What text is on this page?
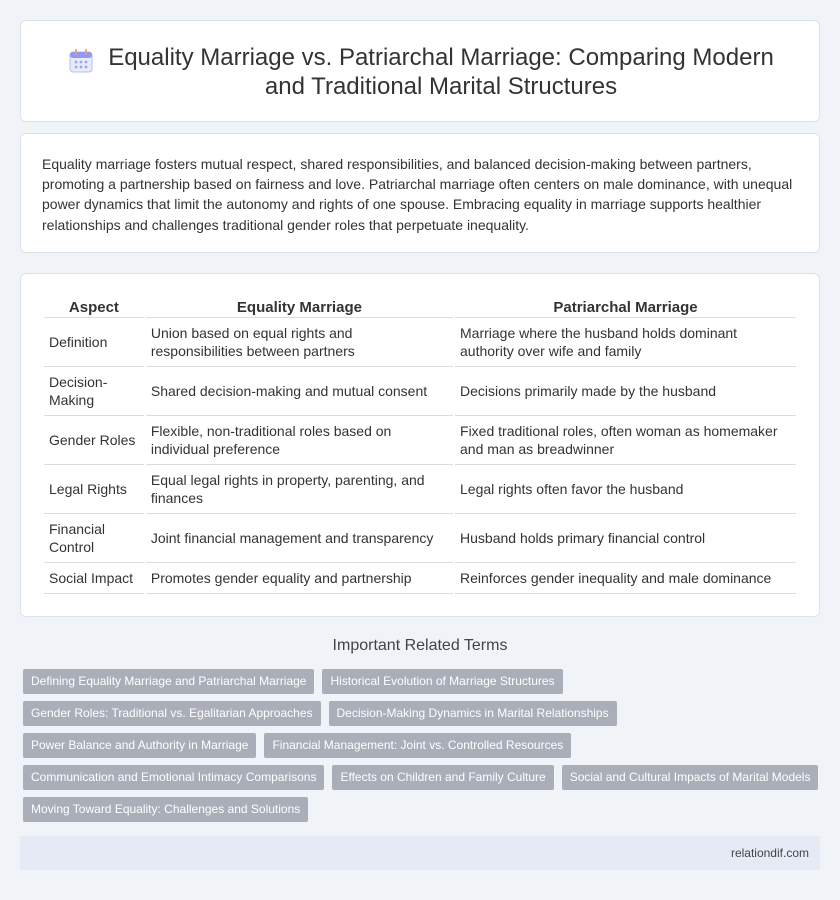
Equality Marriage vs. Patriarchal Marriage: Comparing Modern and Traditional Marital Structures

Equality marriage fosters mutual respect, shared responsibilities, and balanced decision-making between partners, promoting a partnership based on fairness and love. Patriarchal marriage often centers on male dominance, with unequal power dynamics that limit the autonomy and rights of one spouse. Embracing equality in marriage supports healthier relationships and challenges traditional gender roles that perpetuate inequality.

Aspect	Equality Marriage	Patriarchal Marriage
Definition	Union based on equal rights and responsibilities between partners	Marriage where the husband holds dominant authority over wife and family
Decision-Making	Shared decision-making and mutual consent	Decisions primarily made by the husband
Gender Roles	Flexible, non-traditional roles based on individual preference	Fixed traditional roles, often woman as homemaker and man as breadwinner
Legal Rights	Equal legal rights in property, parenting, and finances	Legal rights often favor the husband
Financial Control	Joint financial management and transparency	Husband holds primary financial control
Social Impact	Promotes gender equality and partnership	Reinforces gender inequality and male dominance
Important Related Terms
Defining Equality Marriage and Patriarchal Marriage	Historical Evolution of Marriage Structures
Gender Roles: Traditional vs. Egalitarian Approaches	Decision-Making Dynamics in Marital Relationships
Power Balance and Authority in Marriage	Financial Management: Joint vs. Controlled Resources
Communication and Emotional Intimacy Comparisons	Effects on Children and Family Culture	Social and Cultural Impacts of Marital Models
Moving Toward Equality: Challenges and Solutions
relationdif.com
